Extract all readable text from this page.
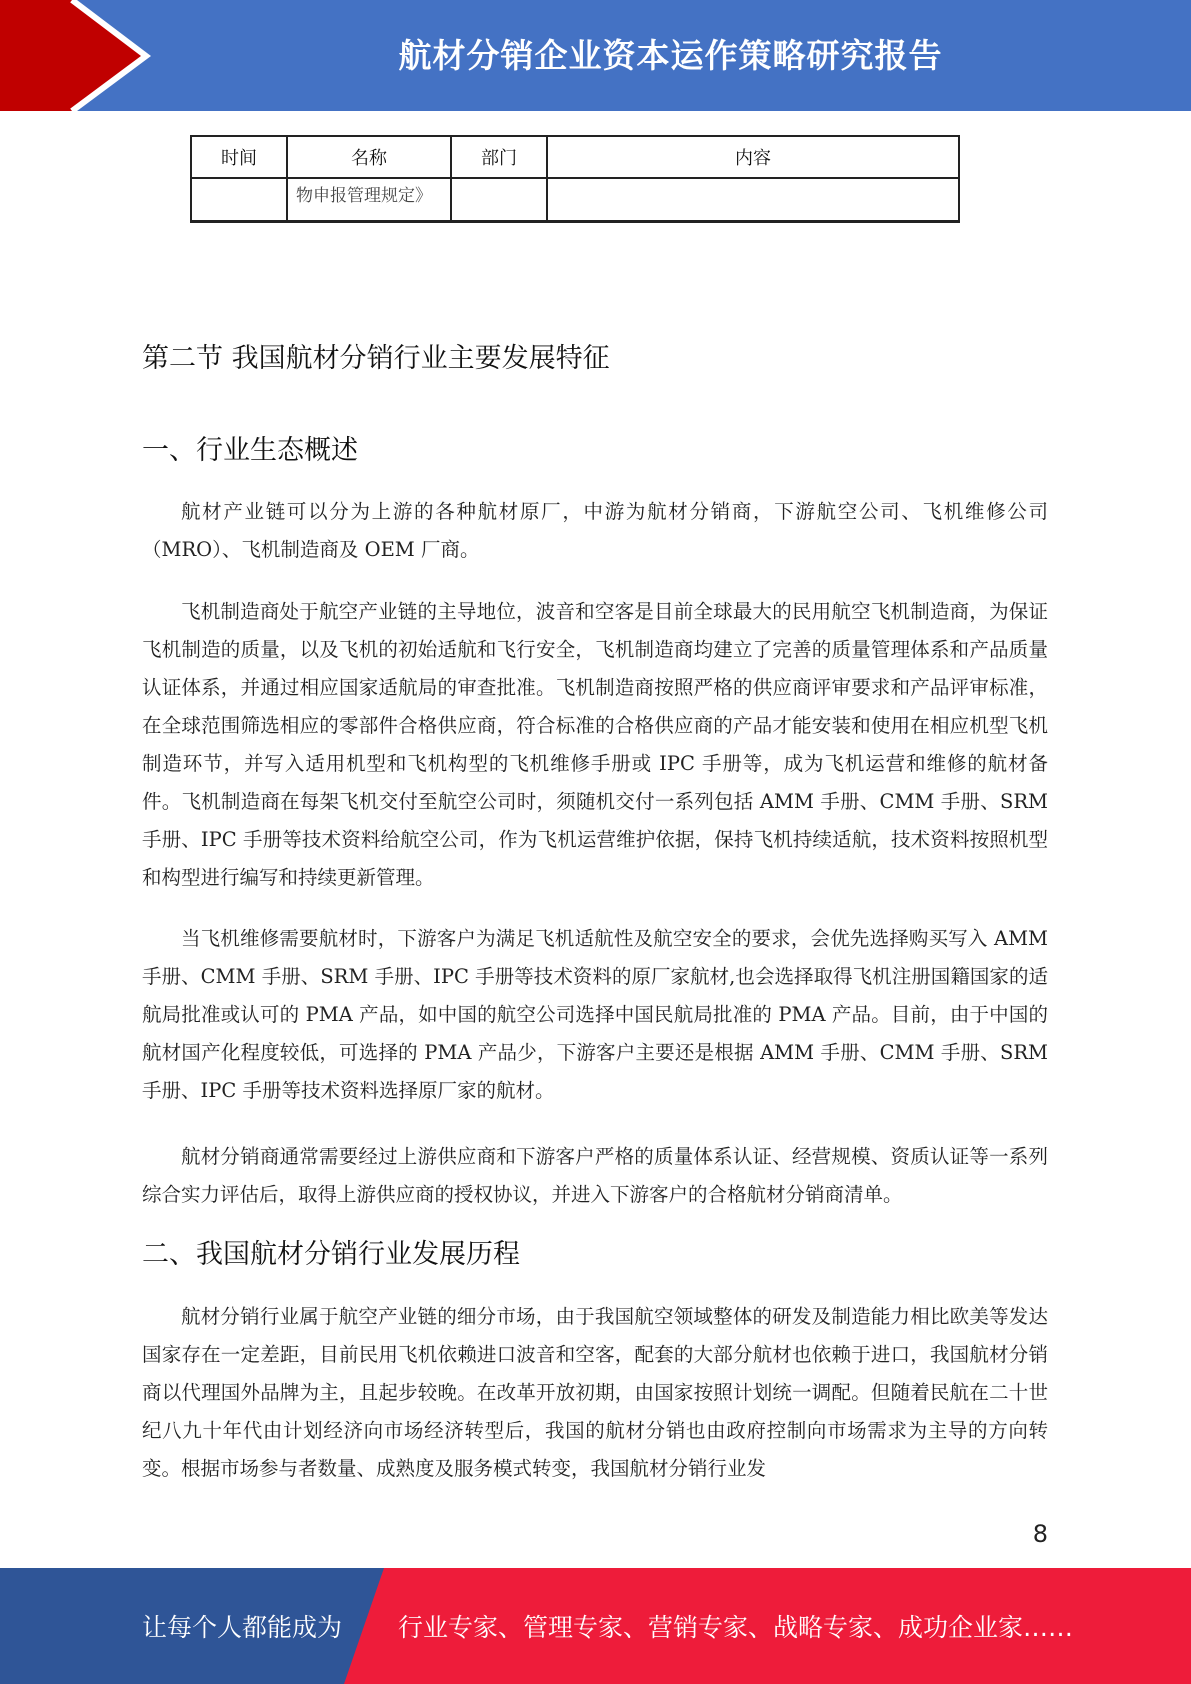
航材分销企业资本运作策略研究报告
时间	名称	部门	内容
	物申报管理规定》		
第二节 我国航材分销行业主要发展特征
一、行业生态概述

航材产业链可以分为上游的各种航材原厂，中游为航材分销商，下游航空公司、飞机维修公司（MRO）、飞机制造商及 OEM 厂商。

飞机制造商处于航空产业链的主导地位，波音和空客是目前全球最大的民用航空飞机制造商，为保证飞机制造的质量，以及飞机的初始适航和飞行安全，飞机制造商均建立了完善的质量管理体系和产品质量认证体系，并通过相应国家适航局的审查批准。飞机制造商按照严格的供应商评审要求和产品评审标准，在全球范围筛选相应的零部件合格供应商，符合标准的合格供应商的产品才能安装和使用在相应机型飞机制造环节，并写入适用机型和飞机构型的飞机维修手册或 IPC 手册等，成为飞机运营和维修的航材备件。飞机制造商在每架飞机交付至航空公司时，须随机交付一系列包括 AMM 手册、CMM 手册、SRM 手册、IPC 手册等技术资料给航空公司，作为飞机运营维护依据，保持飞机持续适航，技术资料按照机型和构型进行编写和持续更新管理。

当飞机维修需要航材时，下游客户为满足飞机适航性及航空安全的要求，会优先选择购买写入 AMM 手册、CMM 手册、SRM 手册、IPC 手册等技术资料的原厂家航材,也会选择取得飞机注册国籍国家的适航局批准或认可的 PMA 产品，如中国的航空公司选择中国民航局批准的 PMA 产品。目前，由于中国的航材国产化程度较低，可选择的 PMA 产品少，下游客户主要还是根据 AMM 手册、CMM 手册、SRM 手册、IPC 手册等技术资料选择原厂家的航材。

航材分销商通常需要经过上游供应商和下游客户严格的质量体系认证、经营规模、资质认证等一系列综合实力评估后，取得上游供应商的授权协议，并进入下游客户的合格航材分销商清单。

二、我国航材分销行业发展历程

航材分销行业属于航空产业链的细分市场，由于我国航空领域整体的研发及制造能力相比欧美等发达国家存在一定差距，目前民用飞机依赖进口波音和空客，配套的大部分航材也依赖于进口，我国航材分销商以代理国外品牌为主，且起步较晚。在改革开放初期，由国家按照计划统一调配。但随着民航在二十世纪八九十年代由计划经济向市场经济转型后，我国的航材分销也由政府控制向市场需求为主导的方向转变。根据市场参与者数量、成熟度及服务模式转变，我国航材分销行业发

8
让每个人都能成为 行业专家、管理专家、营销专家、战略专家、成功企业家……
